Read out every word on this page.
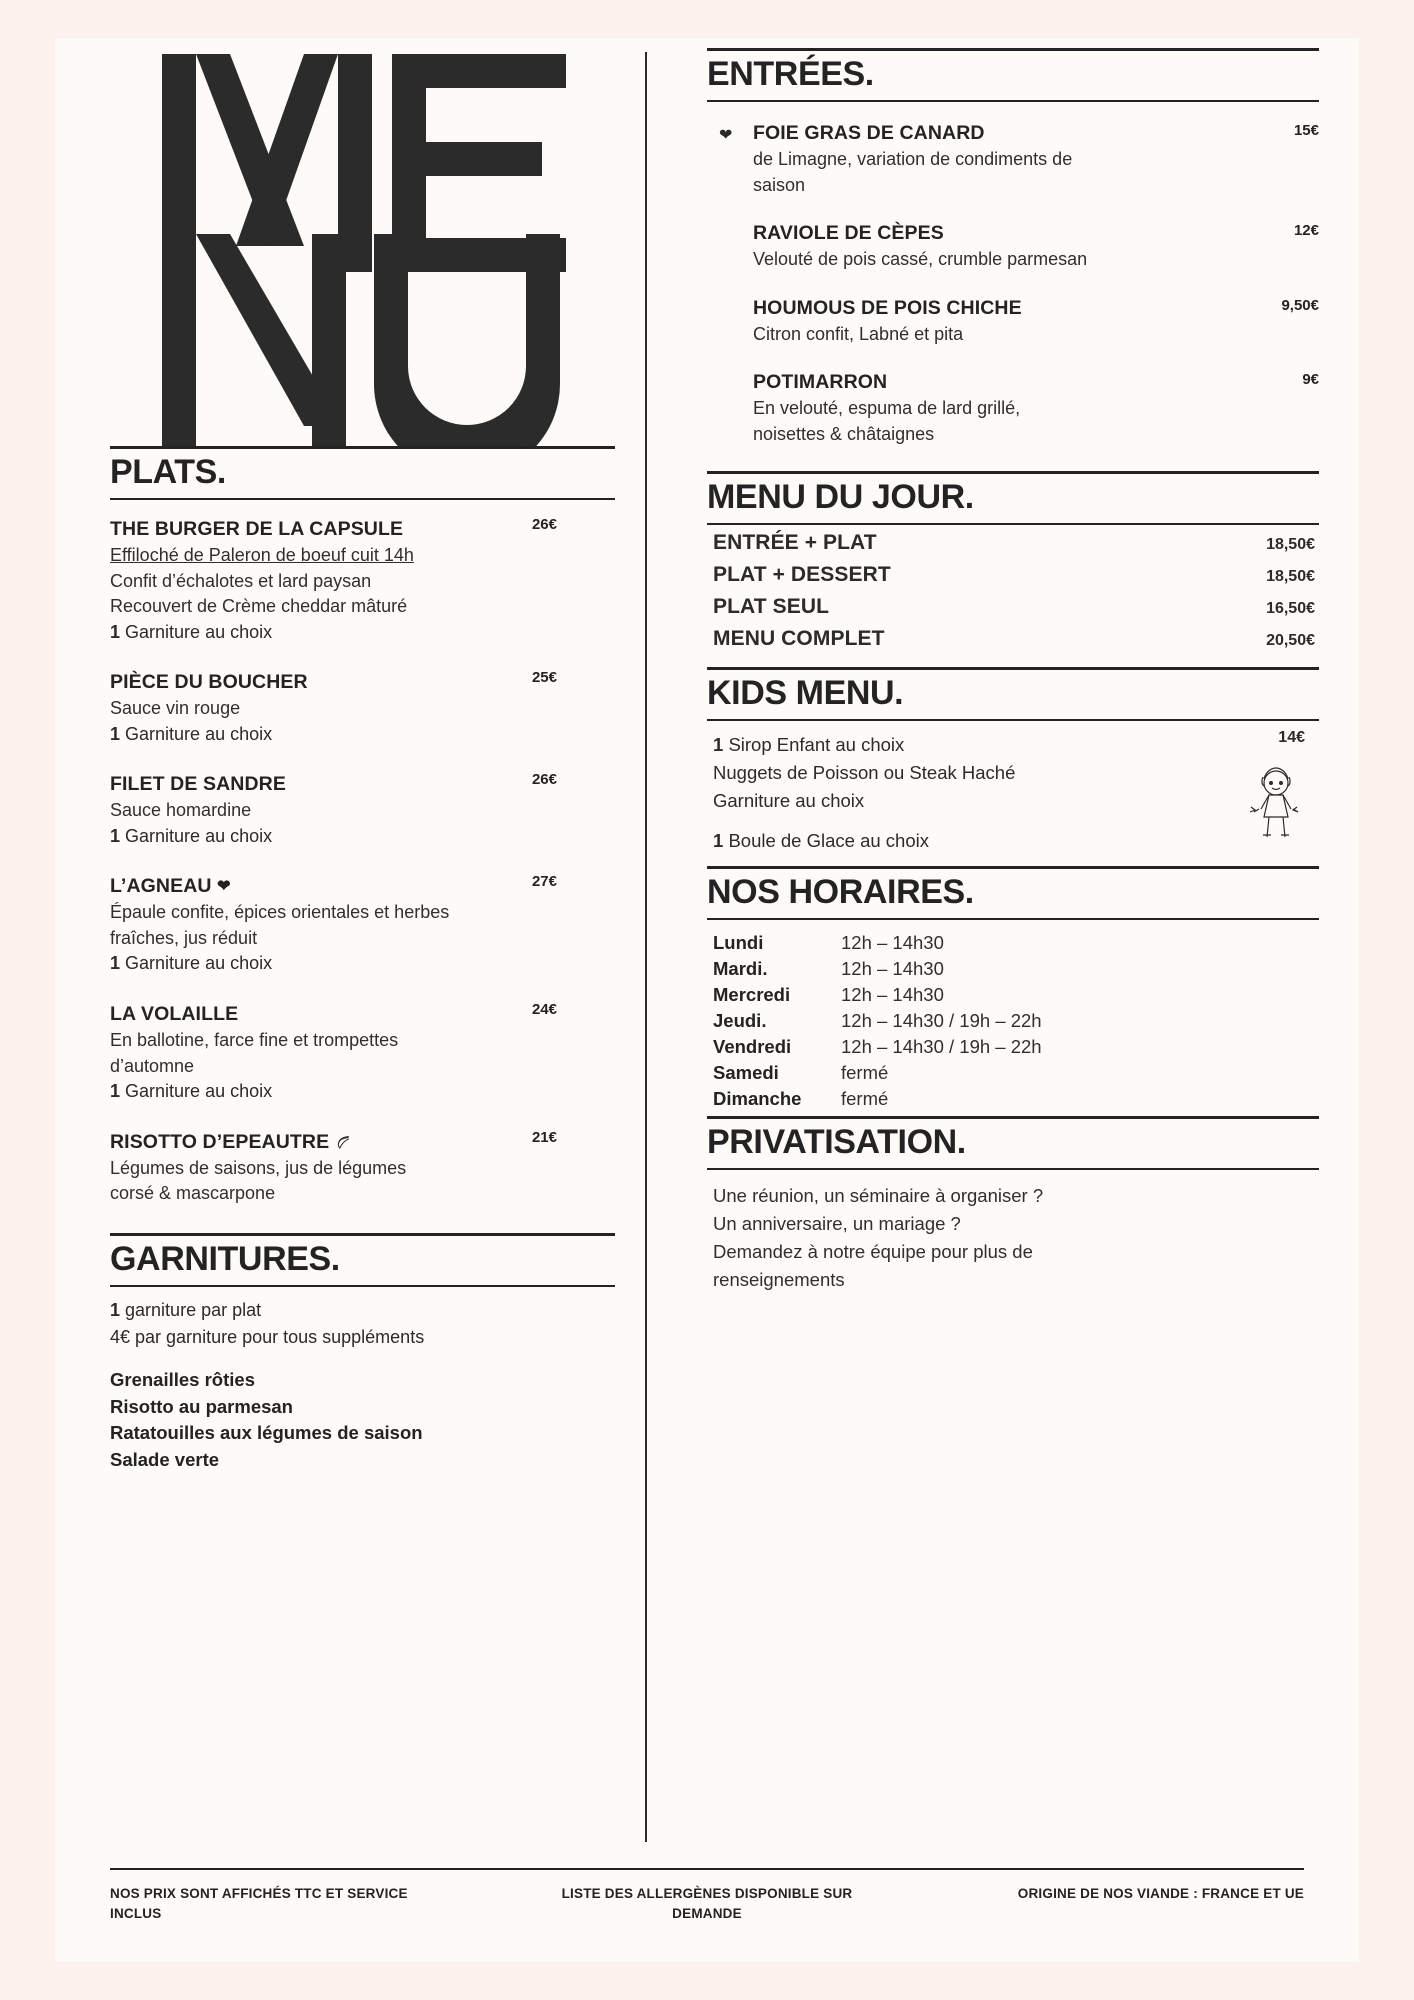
PLATS.
26€
THE BURGER DE LA CAPSULE
Effiloché de Paleron de boeuf cuit 14h
Confit d’échalotes et lard paysan
Recouvert de Crème cheddar mâturé
1 Garniture au choix
25€
PIÈCE DU BOUCHER
Sauce vin rouge
1 Garniture au choix
26€
FILET DE SANDRE
Sauce homardine
1 Garniture au choix
27€
L’AGNEAU ❤
Épaule confite, épices orientales et herbes
fraîches, jus réduit
1 Garniture au choix
24€
LA VOLAILLE
En ballotine, farce fine et trompettes
d’automne
1 Garniture au choix
21€
RISOTTO D’EPEAUTRE
Légumes de saisons, jus de légumes
corsé & mascarpone
GARNITURES.
1 garniture par plat
4€ par garniture pour tous suppléments
Grenailles rôties
Risotto au parmesan
Ratatouilles aux légumes de saison
Salade verte
ENTRÉES.
❤	15€
FOIE GRAS DE CANARD
de Limagne, variation de condiments de
saison
12€
RAVIOLE DE CÈPES
Velouté de pois cassé, crumble parmesan
9,50€
HOUMOUS DE POIS CHICHE
Citron confit, Labné et pita
9€
POTIMARRON
En velouté, espuma de lard grillé,
noisettes & châtaignes
MENU DU JOUR.
ENTRÉE + PLAT	18,50€
PLAT + DESSERT	18,50€
PLAT SEUL	16,50€
MENU COMPLET	20,50€
KIDS MENU.
14€
1 Sirop Enfant au choix
Nuggets de Poisson ou Steak Haché
Garniture au choix
1 Boule de Glace au choix
NOS HORAIRES.
Lundi	12h – 14h30
Mardi.	12h – 14h30
Mercredi	12h – 14h30
Jeudi.	12h – 14h30 / 19h – 22h
Vendredi	12h – 14h30 / 19h – 22h
Samedi	fermé
Dimanche	fermé
PRIVATISATION.
Une réunion, un séminaire à organiser ?
Un anniversaire, un mariage ?
Demandez à notre équipe pour plus de
renseignements
NOS PRIX SONT AFFICHÉS TTC ET SERVICE INCLUS
LISTE DES ALLERGÈNES DISPONIBLE SUR DEMANDE
ORIGINE DE NOS VIANDE : FRANCE ET UE
